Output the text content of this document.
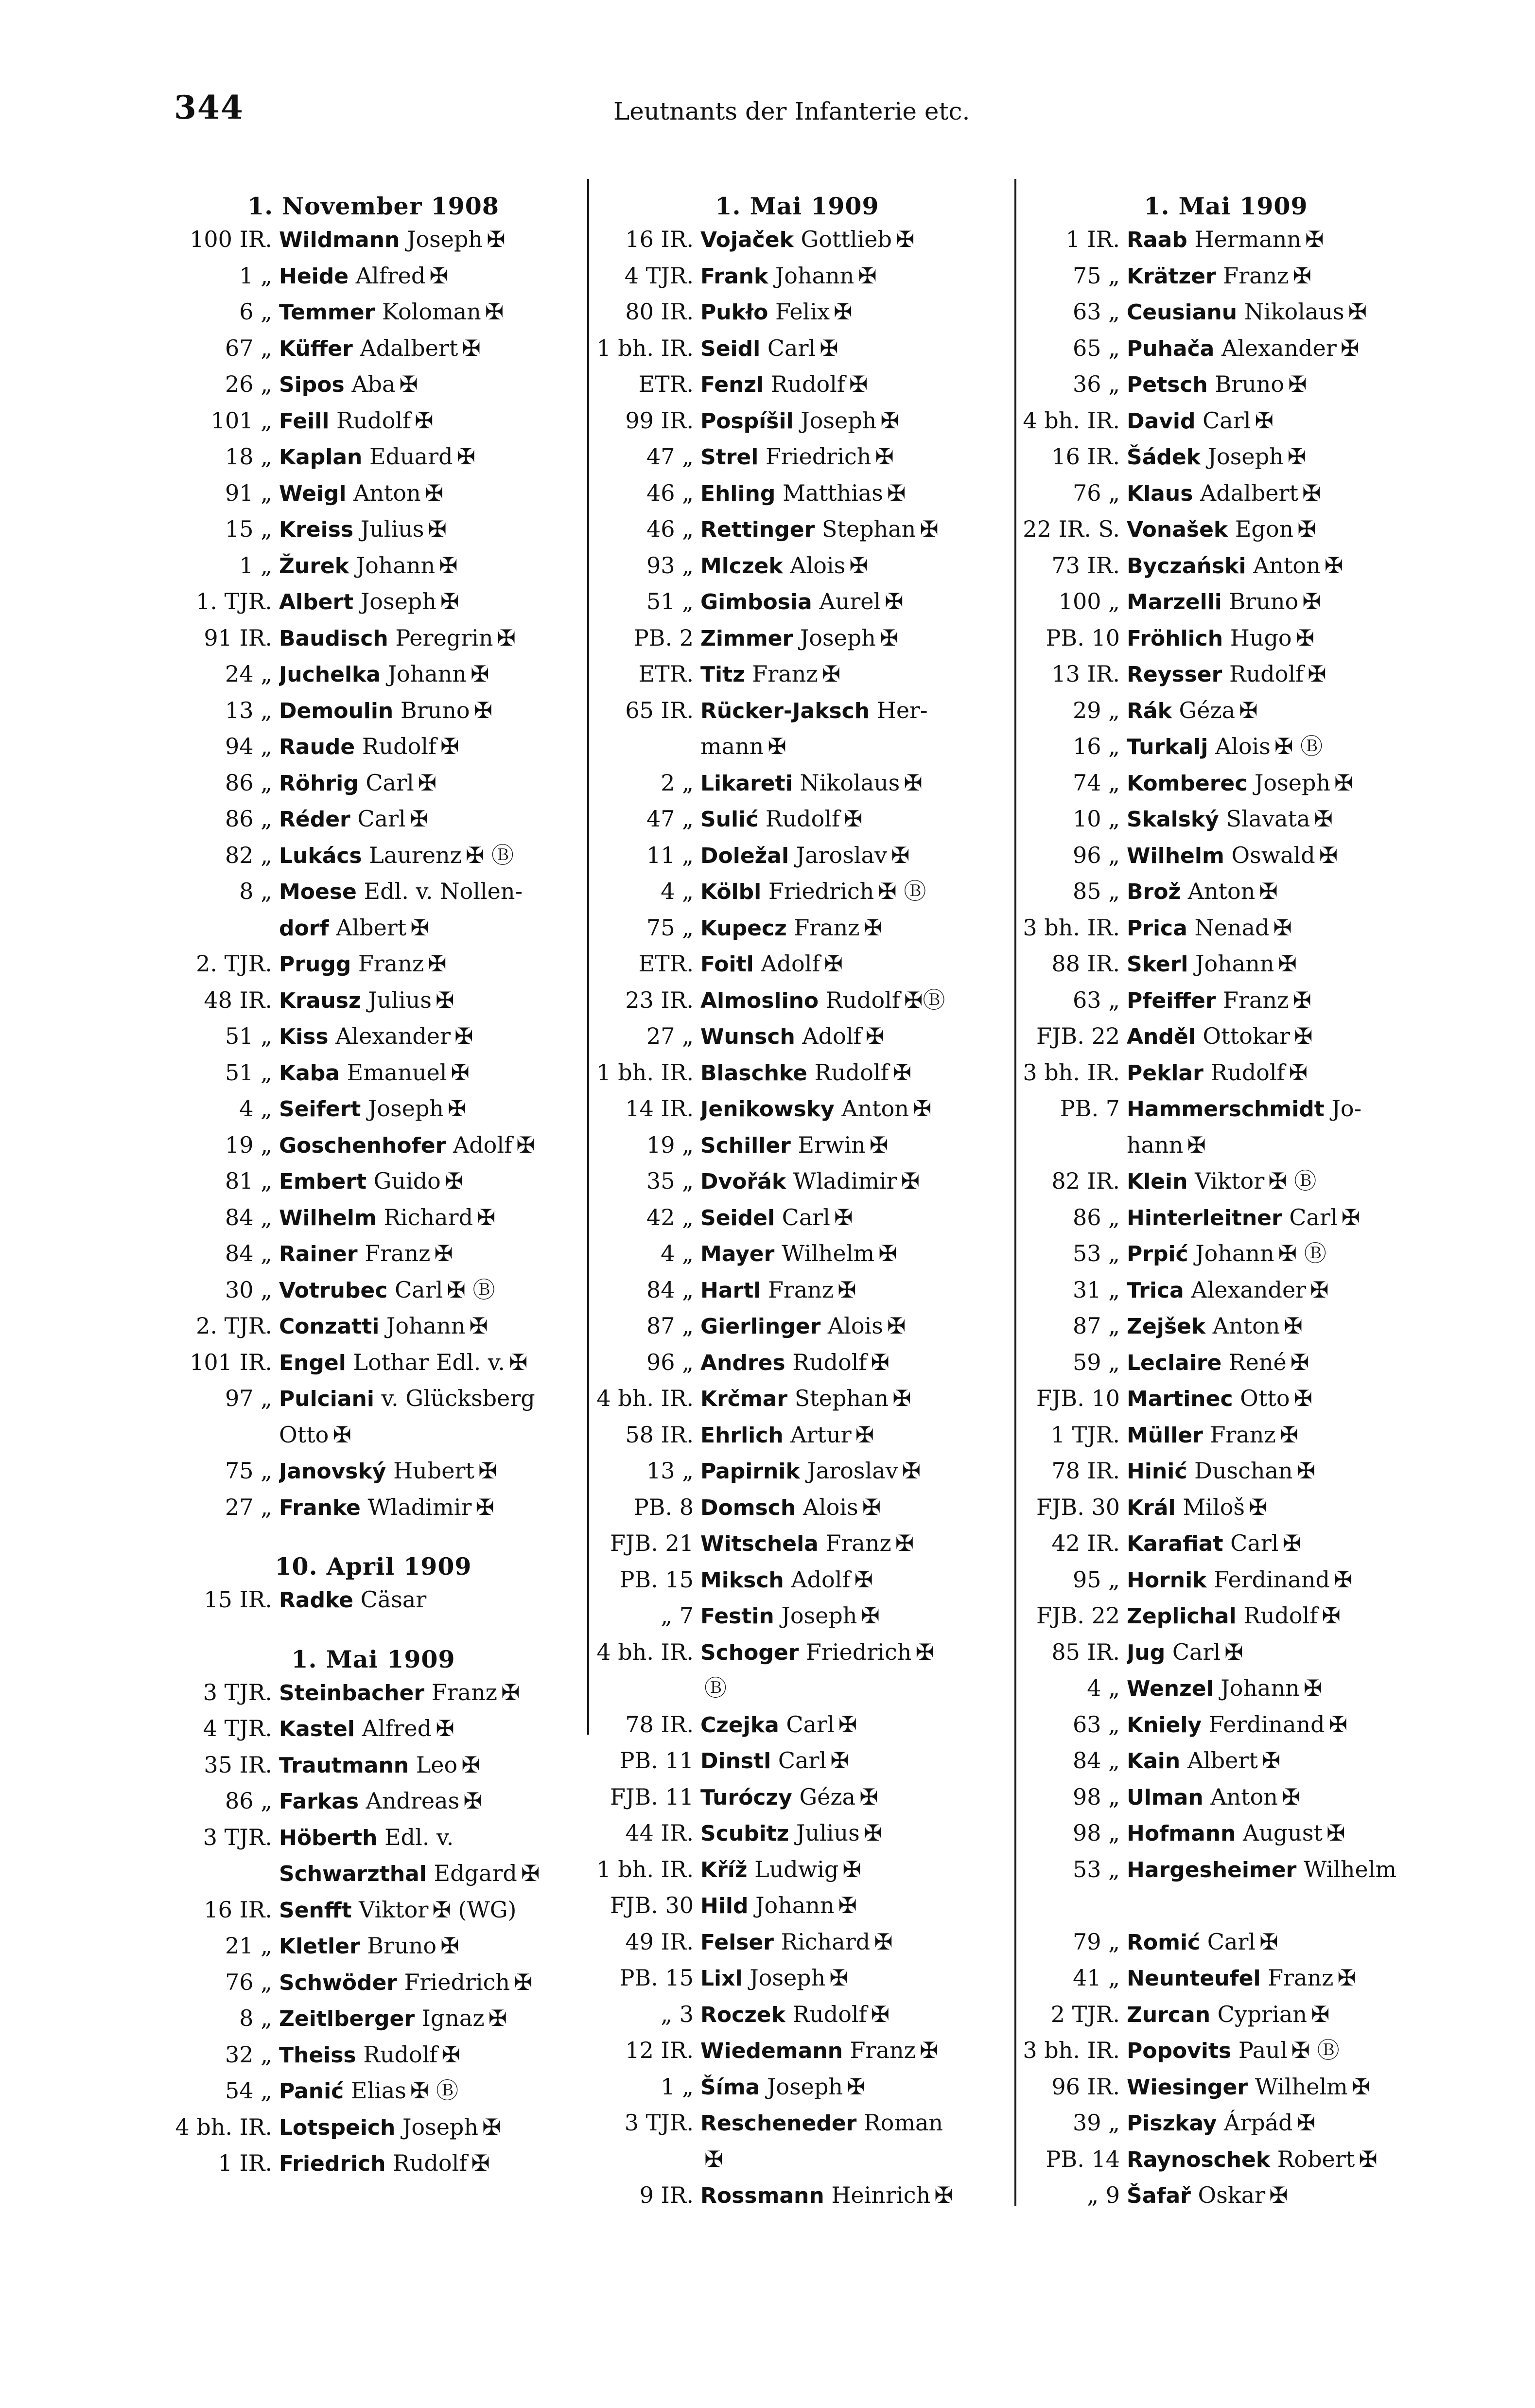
344	Leutnants der Infanterie etc.
1. November 1908
100 IR. Wildmann Joseph ✠
1 „ Heide Alfred ✠
6 „ Temmer Koloman ✠
67 „ Küffer Adalbert ✠
26 „ Sipos Aba ✠
101 „ Feill Rudolf ✠
18 „ Kaplan Eduard ✠
91 „ Weigl Anton ✠
15 „ Kreiss Julius ✠
1 „ Žurek Johann ✠
1. TJR. Albert Joseph ✠
91 IR. Baudisch Peregrin ✠
24 „ Juchelka Johann ✠
13 „ Demoulin Bruno ✠
94 „ Raude Rudolf ✠
86 „ Röhrig Carl ✠
86 „ Réder Carl ✠
82 „ Lukács Laurenz ✠ Ⓑ
8 „ Moese Edl. v. Nollen-
dorf Albert ✠
2. TJR. Prugg Franz ✠
48 IR. Krausz Julius ✠
51 „ Kiss Alexander ✠
51 „ Kaba Emanuel ✠
4 „ Seifert Joseph ✠
19 „ Goschenhofer Adolf ✠
81 „ Embert Guido ✠
84 „ Wilhelm Richard ✠
84 „ Rainer Franz ✠
30 „ Votrubec Carl ✠ Ⓑ
2. TJR. Conzatti Johann ✠
101 IR. Engel Lothar Edl. v. ✠
97 „ Pulciani v. Glücksberg
Otto ✠
75 „ Janovský Hubert ✠
27 „ Franke Wladimir ✠
10. April 1909
15 IR. Radke Cäsar
1. Mai 1909
3 TJR. Steinbacher Franz ✠
4 TJR. Kastel Alfred ✠
35 IR. Trautmann Leo ✠
86 „ Farkas Andreas ✠
3 TJR. Höberth Edl. v.
Schwarzthal Edgard ✠
16 IR. Senfft Viktor ✠ (WG)
21 „ Kletler Bruno ✠
76 „ Schwöder Friedrich ✠
8 „ Zeitlberger Ignaz ✠
32 „ Theiss Rudolf ✠
54 „ Panić Elias ✠ Ⓑ
4 bh. IR. Lotspeich Joseph ✠
1 IR. Friedrich Rudolf ✠
1. Mai 1909
16 IR. Vojaček Gottlieb ✠
4 TJR. Frank Johann ✠
80 IR. Pukło Felix ✠
1 bh. IR. Seidl Carl ✠
ETR. Fenzl Rudolf ✠
99 IR. Pospíšil Joseph ✠
47 „ Strel Friedrich ✠
46 „ Ehling Matthias ✠
46 „ Rettinger Stephan ✠
93 „ Mlczek Alois ✠
51 „ Gimbosia Aurel ✠
PB. 2 Zimmer Joseph ✠
ETR. Titz Franz ✠
65 IR. Rücker-Jaksch Her-
mann ✠
2 „ Likareti Nikolaus ✠
47 „ Sulić Rudolf ✠
11 „ Doležal Jaroslav ✠
4 „ Kölbl Friedrich ✠ Ⓑ
75 „ Kupecz Franz ✠
ETR. Foitl Adolf ✠
23 IR. Almoslino Rudolf ✠Ⓑ
27 „ Wunsch Adolf ✠
1 bh. IR. Blaschke Rudolf ✠
14 IR. Jenikowsky Anton ✠
19 „ Schiller Erwin ✠
35 „ Dvořák Wladimir ✠
42 „ Seidel Carl ✠
4 „ Mayer Wilhelm ✠
84 „ Hartl Franz ✠
87 „ Gierlinger Alois ✠
96 „ Andres Rudolf ✠
4 bh. IR. Krčmar Stephan ✠
58 IR. Ehrlich Artur ✠
13 „ Papirnik Jaroslav ✠
PB. 8 Domsch Alois ✠
FJB. 21 Witschela Franz ✠
PB. 15 Miksch Adolf ✠
„ 7 Festin Joseph ✠
4 bh. IR. Schoger Friedrich ✠
Ⓑ
78 IR. Czejka Carl ✠
PB. 11 Dinstl Carl ✠
FJB. 11 Turóczy Géza ✠
44 IR. Scubitz Julius ✠
1 bh. IR. Kříž Ludwig ✠
FJB. 30 Hild Johann ✠
49 IR. Felser Richard ✠
PB. 15 Lixl Joseph ✠
„ 3 Roczek Rudolf ✠
12 IR. Wiedemann Franz ✠
1 „ Šíma Joseph ✠
3 TJR. Rescheneder Roman
✠
9 IR. Rossmann Heinrich ✠
1. Mai 1909
1 IR. Raab Hermann ✠
75 „ Krätzer Franz ✠
63 „ Ceusianu Nikolaus ✠
65 „ Puhača Alexander ✠
36 „ Petsch Bruno ✠
4 bh. IR. David Carl ✠
16 IR. Šádek Joseph ✠
76 „ Klaus Adalbert ✠
22 IR. S. Vonašek Egon ✠
73 IR. Byczański Anton ✠
100 „ Marzelli Bruno ✠
PB. 10 Fröhlich Hugo ✠
13 IR. Reysser Rudolf ✠
29 „ Rák Géza ✠
16 „ Turkalj Alois ✠ Ⓑ
74 „ Komberec Joseph ✠
10 „ Skalský Slavata ✠
96 „ Wilhelm Oswald ✠
85 „ Brož Anton ✠
3 bh. IR. Prica Nenad ✠
88 IR. Skerl Johann ✠
63 „ Pfeiffer Franz ✠
FJB. 22 Anděl Ottokar ✠
3 bh. IR. Peklar Rudolf ✠
PB. 7 Hammerschmidt Jo-
hann ✠
82 IR. Klein Viktor ✠ Ⓑ
86 „ Hinterleitner Carl ✠
53 „ Prpić Johann ✠ Ⓑ
31 „ Trica Alexander ✠
87 „ Zejšek Anton ✠
59 „ Leclaire René ✠
FJB. 10 Martinec Otto ✠
1 TJR. Müller Franz ✠
78 IR. Hinić Duschan ✠
FJB. 30 Král Miloš ✠
42 IR. Karafiat Carl ✠
95 „ Hornik Ferdinand ✠
FJB. 22 Zeplichal Rudolf ✠
85 IR. Jug Carl ✠
4 „ Wenzel Johann ✠
63 „ Kniely Ferdinand ✠
84 „ Kain Albert ✠
98 „ Ulman Anton ✠
98 „ Hofmann August ✠
53 „ Hargesheimer Wilhelm
79 „ Romić Carl ✠
41 „ Neunteufel Franz ✠
2 TJR. Zurcan Cyprian ✠
3 bh. IR. Popovits Paul ✠ Ⓑ
96 IR. Wiesinger Wilhelm ✠
39 „ Piszkay Árpád ✠
PB. 14 Raynoschek Robert ✠
„ 9 Šafař Oskar ✠
